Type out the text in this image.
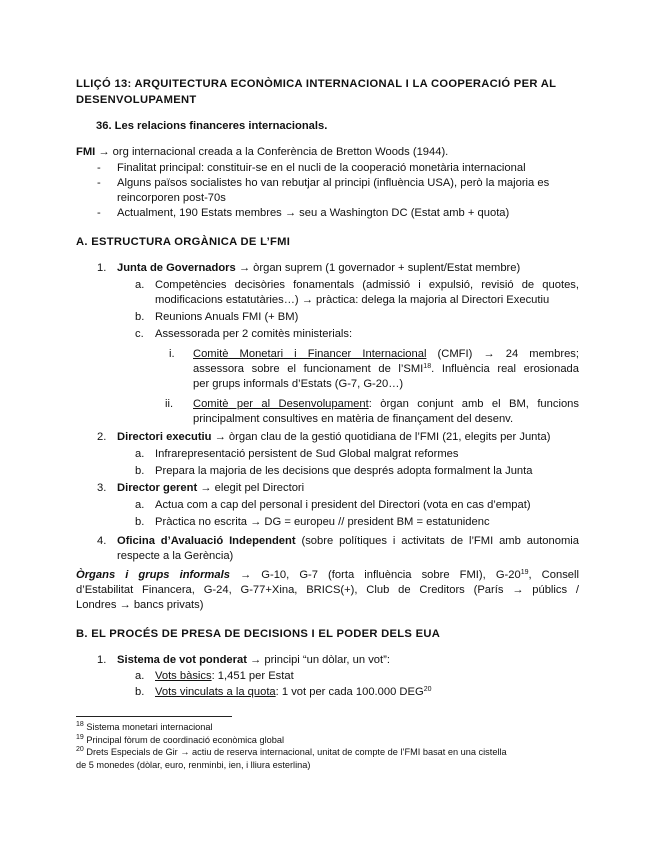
LLIÇÓ 13: ARQUITECTURA ECONÒMICA INTERNACIONAL I LA COOPERACIÓ PER AL
DESENVOLUPAMENT
36. Les relacions financeres internacionals.
FMI → org internacional creada a la Conferència de Bretton Woods (1944).
- Finalitat principal: constituir-se en el nucli de la cooperació monetària internacional
- Alguns països socialistes ho van rebutjar al principi (influència USA), però la majoria es
reincorporen post-70s
- Actualment, 190 Estats membres → seu a Washington DC (Estat amb + quota)
A. ESTRUCTURA ORGÀNICA DE L’FMI
1. Junta de Governadors → òrgan suprem (1 governador + suplent/Estat membre)
a. Competències decisòries fonamentals (admissió i expulsió, revisió de quotes,
modificacions estatutàries…) → pràctica: delega la majoria al Directori Executiu
b. Reunions Anuals FMI (+ BM)
c. Assessorada per 2 comitès ministerials:
i. Comitè Monetari i Financer Internacional (CMFI) → 24 membres;
assessora sobre el funcionament de l’SMI$^{18}$. Influència real erosionada
per grups informals d’Estats (G-7, G-20…)
ii. Comitè per al Desenvolupament: òrgan conjunt amb el BM, funcions
principalment consultives en matèria de finançament del desenv.
2. Directori executiu → òrgan clau de la gestió quotidiana de l’FMI (21, elegits per Junta)
a. Infrarepresentació persistent de Sud Global malgrat reformes
b. Prepara la majoria de les decisions que després adopta formalment la Junta
3. Director gerent → elegit pel Directori
a. Actua com a cap del personal i president del Directori (vota en cas d’empat)
b. Pràctica no escrita → DG = europeu // president BM = estatunidenc
4. Oficina d’Avaluació Independent (sobre polítiques i activitats de l’FMI amb autonomia
respecte a la Gerència)
Òrgans i grups informals → G-10, G-7 (forta influència sobre FMI), $G-20^{19}$, Consell
d’Estabilitat Financera, G-24, G-77+Xina, BRICS(+), Club de Creditors (París → públics /
Londres → bancs privats)
B. EL PROCÉS DE PRESA DE DECISIONS I EL PODER DELS EUA
1. Sistema de vot ponderat → principi “un dòlar, un vot”:
a. Vots bàsics: 1,451 per Estat
b. Vots vinculats a la quota: 1 vot per cada 100.000 DEG$^{20}$
$^{18}$ Sistema monetari internacional
$^{19}$ Principal fòrum de coordinació econòmica global
$^{20}$ Drets Especials de Gir → actiu de reserva internacional, unitat de compte de l’FMI basat en una cistella
de 5 monedes (dòlar, euro, renminbi, ien, i lliura esterlina)
